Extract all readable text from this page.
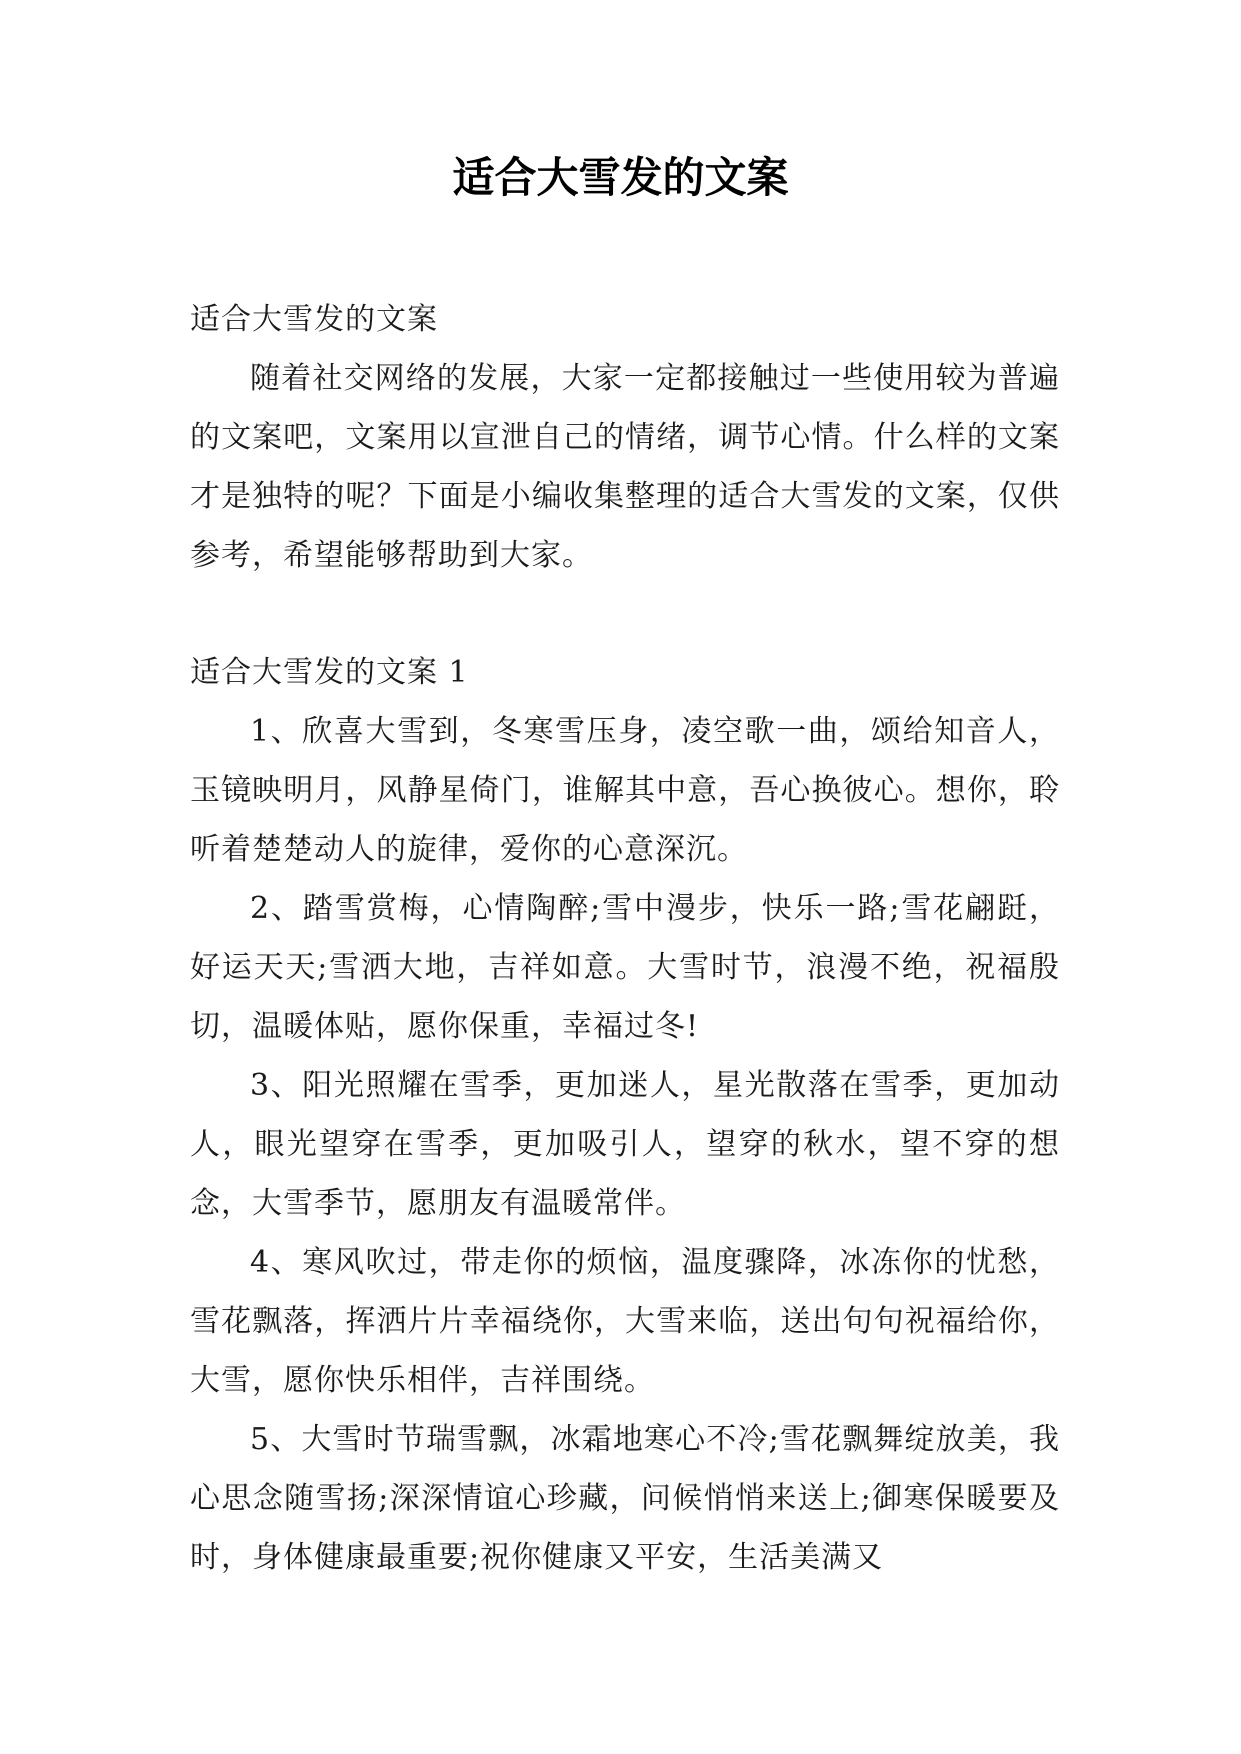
适合大雪发的文案

适合大雪发的文案

随着社交网络的发展，大家一定都接触过一些使用较为普遍的文案吧，文案用以宣泄自己的情绪，调节心情。什么样的文案才是独特的呢？下面是小编收集整理的适合大雪发的文案，仅供参考，希望能够帮助到大家。

适合大雪发的文案 1

1、欣喜大雪到，冬寒雪压身，凌空歌一曲，颂给知音人，玉镜映明月，风静星倚门，谁解其中意，吾心换彼心。想你，聆听着楚楚动人的旋律，爱你的心意深沉。

2、踏雪赏梅，心情陶醉;雪中漫步，快乐一路;雪花翩跹，好运天天;雪洒大地，吉祥如意。大雪时节，浪漫不绝，祝福殷切，温暖体贴，愿你保重，幸福过冬!

3、阳光照耀在雪季，更加迷人，星光散落在雪季，更加动人，眼光望穿在雪季，更加吸引人，望穿的秋水，望不穿的想念，大雪季节，愿朋友有温暖常伴。

4、寒风吹过，带走你的烦恼，温度骤降，冰冻你的忧愁，雪花飘落，挥洒片片幸福绕你，大雪来临，送出句句祝福给你，大雪，愿你快乐相伴，吉祥围绕。

5、大雪时节瑞雪飘，冰霜地寒心不冷;雪花飘舞绽放美，我心思念随雪扬;深深情谊心珍藏，问候悄悄来送上;御寒保暖要及时，身体健康最重要;祝你健康又平安，生活美满又
